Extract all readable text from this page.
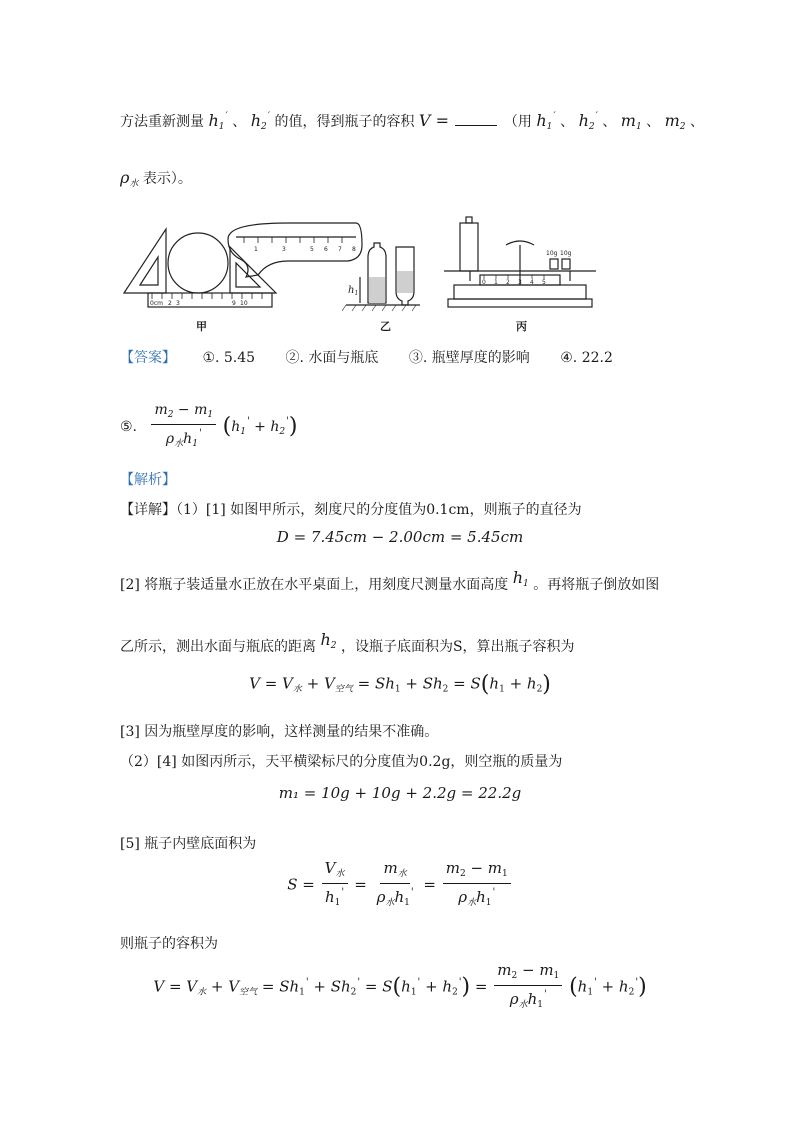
方法重新测量 $h_1'$ 、 $h_2'$ 的值，得到瓶子的容积 V =	（用 $h_1'$ 、 $h_2'$ 、 $m_1$ 、 $m_2$ 、
$\rho_水$ 表示）。
0cm 2 3	9 10
1	3	5 6 7 8
甲
$h_1$
乙
10g 10g
0 1 2 3 4 5
丙
【答案】 ①. 5.45 ②. 水面与瓶底 ③. 瓶壁厚度的影响 ④. 22.2
⑤. $\frac{m_2 - m_1}{\rho_水h_1'} (h_1' + h_2')$
【解析】
【详解】（1）[1] 如图甲所示，刻度尺的分度值为0.1cm，则瓶子的直径为
D = 7.45cm − 2.00cm = 5.45cm
[2] 将瓶子装适量水正放在水平桌面上，用刻度尺测量水面高度 $h_1$ 。再将瓶子倒放如图
乙所示，测出水面与瓶底的距离 $h_2$ ，设瓶子底面积为S，算出瓶子容积为
$V = V_水 + V_{空气} = Sh_1 + Sh_2 = S(h_1 + h_2)$
[3] 因为瓶壁厚度的影响，这样测量的结果不准确。
（2）[4] 如图丙所示，天平横梁标尺的分度值为0.2g，则空瓶的质量为
m₁ = 10g + 10g + 2.2g = 22.2g
[5] 瓶子内壁底面积为
$S = \frac{V_水}{h_1'} = \frac{m_水}{\rho_水h_1'} = \frac{m_2 - m_1}{\rho_水h_1'}$
则瓶子的容积为
$V = V_水 + V_{空气} = Sh_1' + Sh_2' = S(h_1' + h_2') = \frac{m_2 - m_1}{\rho_水h_1'} (h_1' + h_2')$
